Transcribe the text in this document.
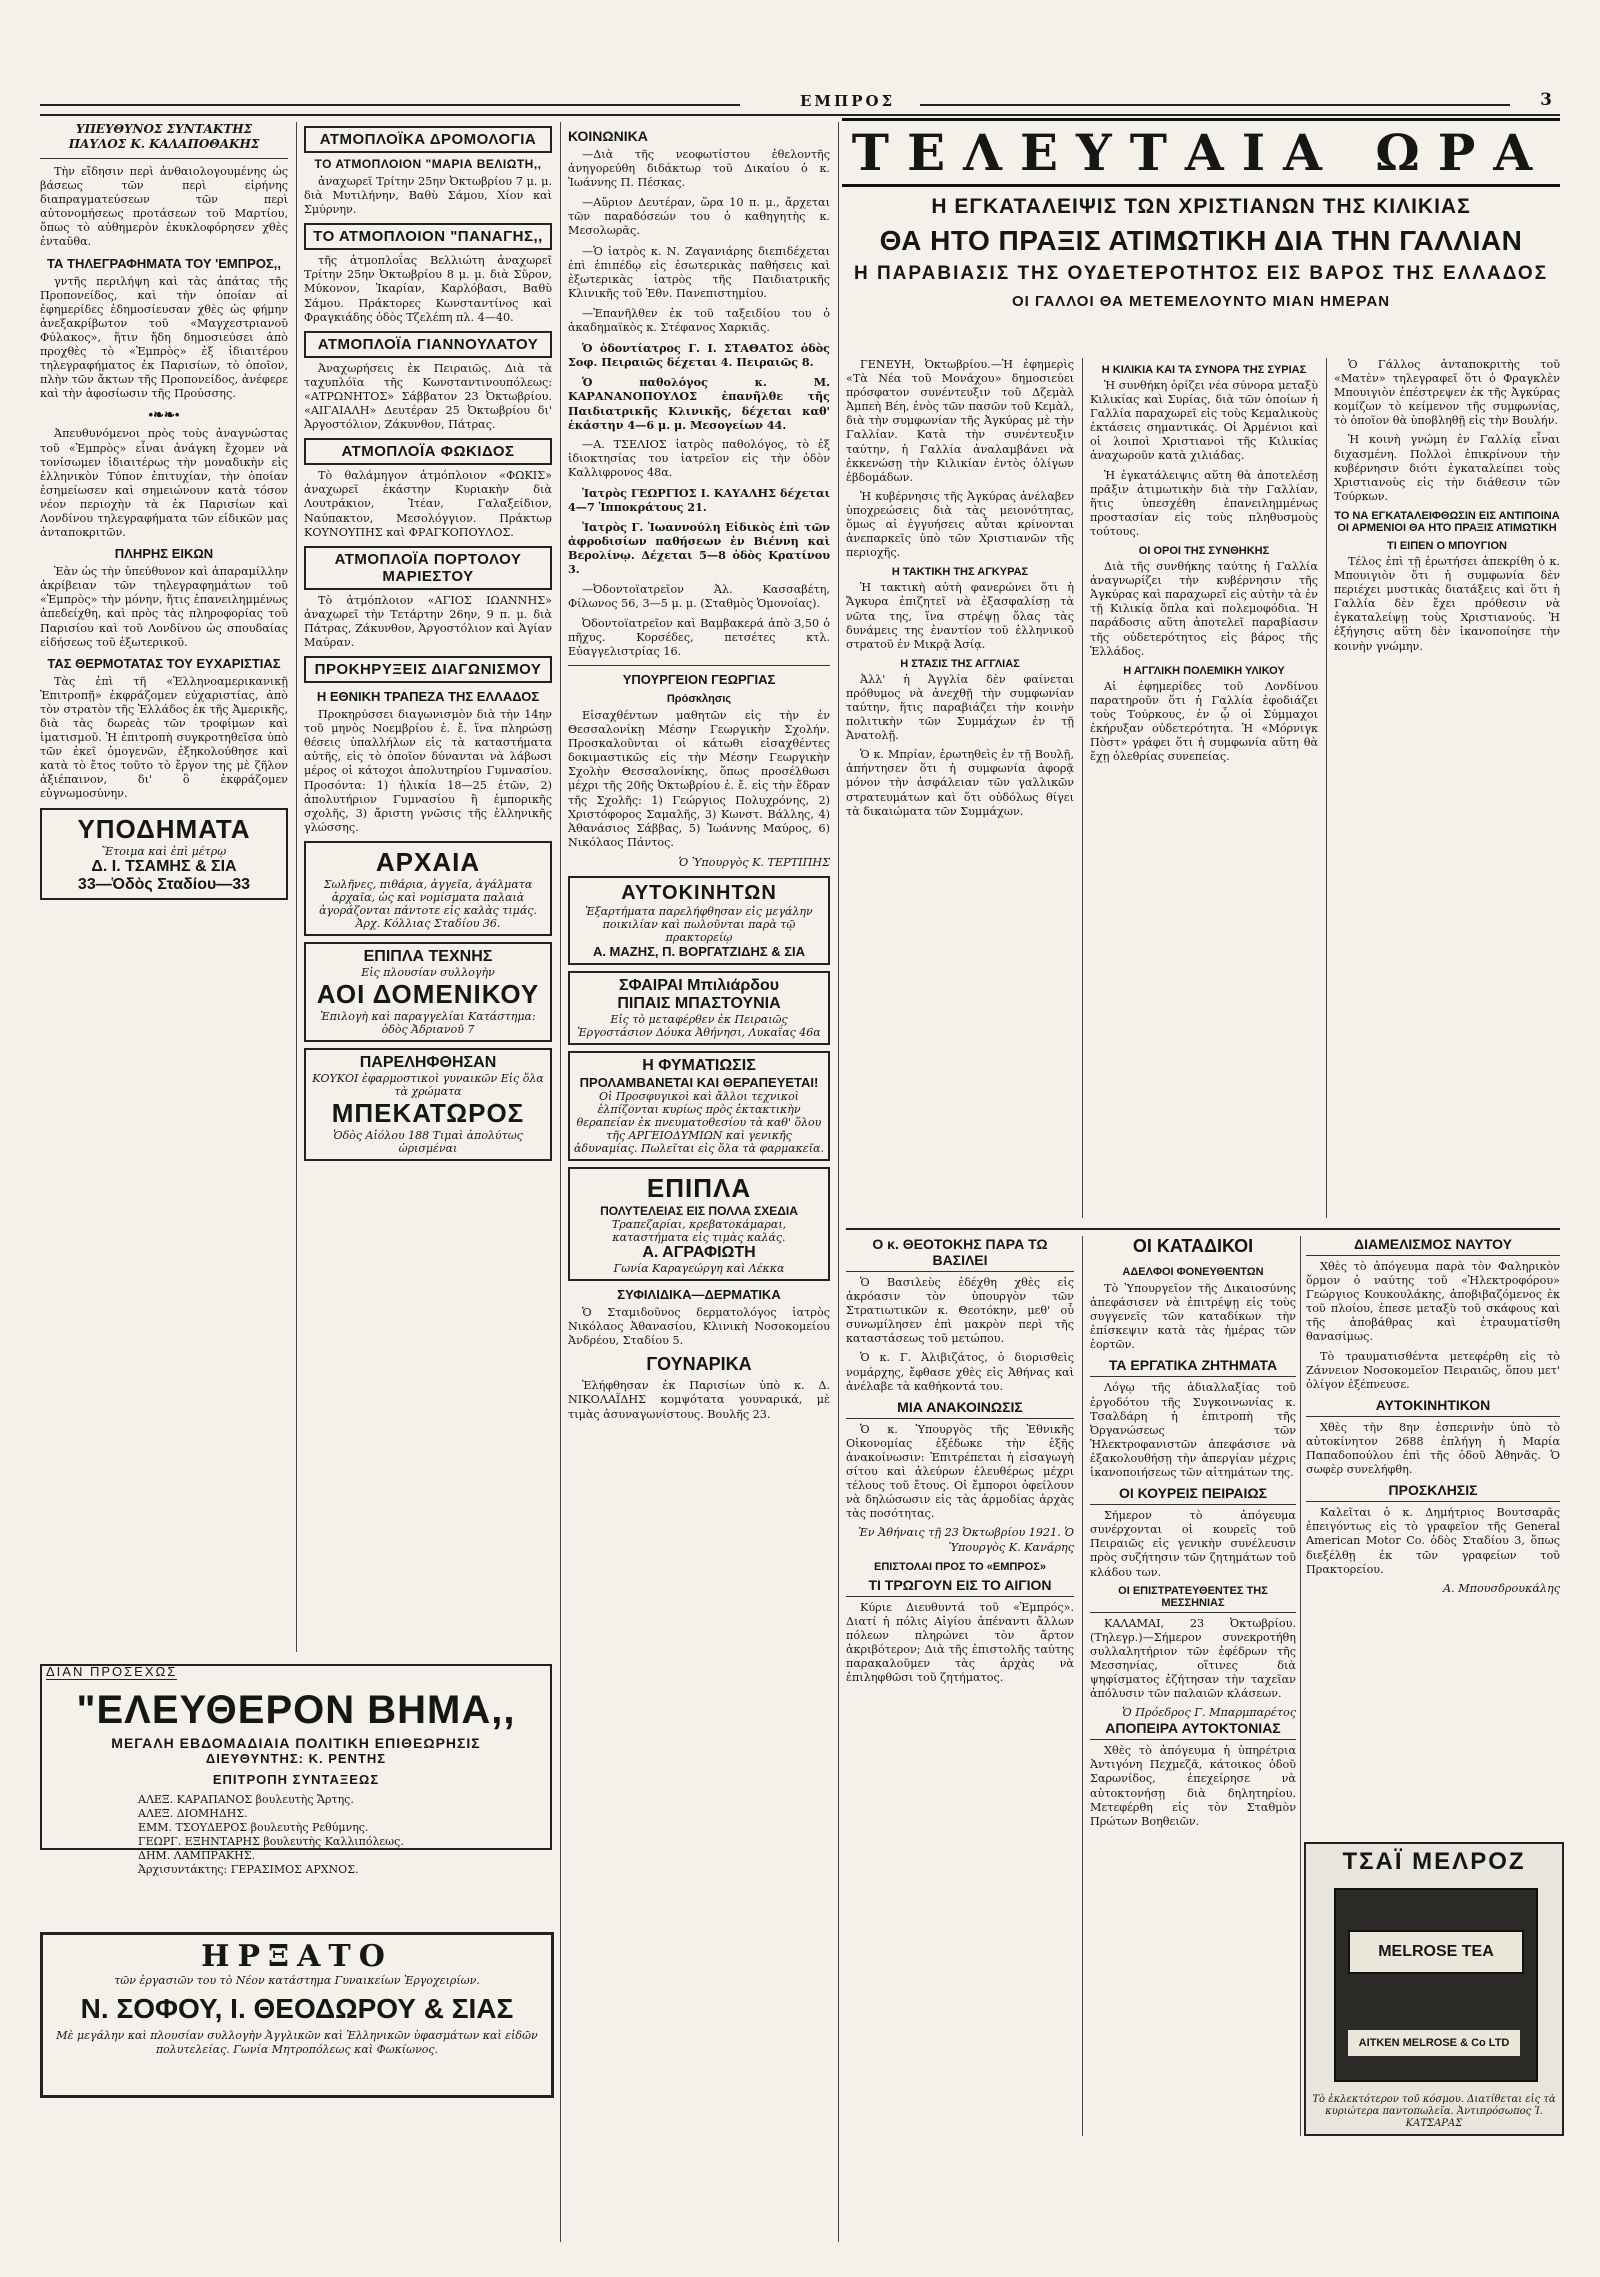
ΕΜΠΡΟΣ	3
ΥΠΕΥΘΥΝΟΣ ΣΥΝΤΑΚΤΗΣ
ΠΑΥΛΟΣ Κ. ΚΑΛΑΠΟΘΑΚΗΣ

Τὴν εἴδησιν περὶ ἀνθαιολογουμένης ὡς βάσεως τῶν περὶ εἰρήνης διαπραγματεύσεων τῶν περὶ αὐτονομήσεως προτάσεων τοῦ Μαρτίου, ὅπως τὸ αὐθημερὸν ἐκυκλοφόρησεν χθὲς ἐνταῦθα.

ΤΑ ΤΗΛΕΓΡΑΦΗΜΑΤΑ ΤΟΥ 'ΕΜΠΡΟΣ,,

γντῆς περιλήψη καὶ τὰς ἀπάτας τῆς Προπονείδος, καὶ τὴν ὁποίαν αἱ ἐφημερίδες ἐδημοσίευσαν χθὲς ὡς φήμην ἀνεξακρίβωτον τοῦ «Μαγχεστριανοῦ Φύλακος», ἥτιν ἤδη δημοσιεύσει ἀπὸ προχθὲς τὸ «Ἐμπρὸς» ἐξ ἰδιαιτέρου τηλεγραφήματος ἐκ Παρισίων, τὸ ὁποῖον, πλὴν τῶν ἄκτων τῆς Προπονείδος, ἀνέφερε καὶ τὴν ἀφοσίωσιν τῆς Προύσσης.

•❧❧•

Ἀπευθυνόμενοι πρὸς τοὺς ἀναγνώστας τοῦ «Ἐμπρὸς» εἶναι ἀνάγκη ἔχομεν νὰ τονίσωμεν ἰδιαιτέρως τὴν μοναδικὴν εἰς ἑλληνικὸν Τύπον ἐπιτυχίαν, τὴν ὁποίαν ἐσημείωσεν καὶ σημειώνουν κατὰ τόσον νέον περιοχὴν τὰ ἐκ Παρισίων καὶ Λονδίνου τηλεγραφήματα τῶν εἰδικῶν μας ἀνταποκριτῶν.

ΠΛΗΡΗΣ ΕΙΚΩΝ

Ἐὰν ὡς τὴν ὑπεύθυνον καὶ ἀπαραμίλλην ἀκρίβειαν τῶν τηλεγραφημάτων τοῦ «Ἐμπρὸς» τὴν μόνην, ἥτις ἐπανειλημμένως ἀπεδείχθη, καὶ πρὸς τὰς πληροφορίας τοῦ Παρισίου καὶ τοῦ Λονδίνου ὡς σπουδαίας εἰδήσεως τοῦ ἐξωτερικοῦ.

ΤΑΣ ΘΕΡΜΟΤΑΤΑΣ ΤΟΥ ΕΥΧΑΡΙΣΤΙΑΣ

Τὰς ἐπὶ τῆ «Ἑλληνοαμερικανικῇ Ἐπιτροπῇ» ἐκφράζομεν εὐχαριστίας, ἀπὸ τὸν στρατὸν τῆς Ἐλλάδος ἐκ τῆς Ἀμερικῆς, διὰ τὰς δωρεὰς τῶν τροφίμων καὶ ἱματισμοῦ. Ἡ ἐπιτροπὴ συγκροτηθεῖσα ὑπὸ τῶν ἐκεῖ ὁμογενῶν, ἐξηκολούθησε καὶ κατὰ τὸ ἔτος τοῦτο τὸ ἔργον της μὲ ζῆλον ἀξιέπαινον, δι' ὃ ἐκφράζομεν εὐγνωμοσύνην.

ΥΠΟΔΗΜΑΤΑ
Ἕτοιμα καὶ ἐπὶ μέτρῳ
Δ. Ι. ΤΣΑΜΗΣ & ΣΙΑ
33—Ὁδὸς Σταδίου—33
ΑΤΜΟΠΛΟΪΚΑ ΔΡΟΜΟΛΟΓΙΑ
ΤΟ ΑΤΜΟΠΛΟΙΟΝ "ΜΑΡΙΑ ΒΕΛΙΩΤΗ,,

ἀναχωρεῖ Τρίτην 25ην Ὀκτωβρίου 7 μ. μ. διὰ Μυτιλήνην, Βαθὺ Σάμου, Χίον καὶ Σμύρνην.

ΤΟ ΑΤΜΟΠΛΟΙΟΝ "ΠΑΝΑΓΗΣ,,

τῆς ἀτμοπλοΐας Βελλιώτη ἀναχωρεῖ Τρίτην 25ην Ὀκτωβρίου 8 μ. μ. διὰ Σῦρον, Μύκονον, Ἰκαρίαν, Καρλόβασι, Βαθὺ Σάμου. Πράκτορες Κωνσταντίνος καὶ Φραγκιάδης ὁδὸς Τζελέπη πλ. 4—40.

ΑΤΜΟΠΛΟΪΑ ΓΙΑΝΝΟΥΛΑΤΟΥ

Ἀναχωρήσεις ἐκ Πειραιῶς. Διὰ τὰ ταχυπλόϊα τῆς Κωνσταντινουπόλεως: «ΑΤΡΩΝΗΤΟΣ» Σάββατον 23 Ὀκτωβρίου. «ΑΙΓΑΙΑΛΗ» Δευτέραν 25 Ὀκτωβρίου δι' Ἀργοστόλιον, Ζάκυνθον, Πάτρας.

ΑΤΜΟΠΛΟΪΑ ΦΩΚΙΔΟΣ

Τὸ θαλάμηγον ἀτμόπλοιον «ΦΩΚΙΣ» ἀναχωρεῖ ἑκάστην Κυριακὴν διὰ Λουτράκιον, Ἰτέαν, Γαλαξείδιον, Ναύπακτον, Μεσολόγγιον. Πράκτωρ ΚΟΥΝΟΥΠΗΣ καὶ ΦΡΑΓΚΟΠΟΥΛΟΣ.

ΑΤΜΟΠΛΟΪΑ ΠΟΡΤΟΛΟΥ ΜΑΡΙΕΣΤΟΥ

Τὸ ἀτμόπλοιον «ΑΓΙΟΣ ΙΩΑΝΝΗΣ» ἀναχωρεῖ τὴν Τετάρτην 26ην, 9 π. μ. διὰ Πάτρας, Ζάκυνθον, Ἀργοστόλιον καὶ Ἀγίαν Μαύραν.

ΠΡΟΚΗΡΥΞΕΙΣ ΔΙΑΓΩΝΙΣΜΟΥ
Η ΕΘΝΙΚΗ ΤΡΑΠΕΖΑ ΤΗΣ ΕΛΛΑΔΟΣ

Προκηρύσσει διαγωνισμὸν διὰ τὴν 14ην τοῦ μηνὸς Νοεμβρίου ἐ. ἔ. ἵνα πληρώσῃ θέσεις ὑπαλλήλων εἰς τὰ καταστήματα αὐτῆς, εἰς τὸ ὁποῖον δύνανται νὰ λάβωσι μέρος οἱ κάτοχοι ἀπολυτηρίου Γυμνασίου. Προσόντα: 1) ἡλικία 18—25 ἐτῶν, 2) ἀπολυτήριον Γυμνασίου ἢ ἐμπορικῆς σχολῆς, 3) ἄριστη γνῶσις τῆς ἑλληνικῆς γλώσσης.

ΑΡΧΑΙΑ
Σωλῆνες, πιθάρια, ἀγγεῖα, ἀγάλματα ἀρχαῖα, ὡς καὶ νομίσματα παλαιὰ ἀγοράζονται πάντοτε εἰς καλὰς τιμάς. Ἀρχ. Κόλλιας Σταδίου 36.
ΕΠΙΠΛΑ ΤΕΧΝΗΣ
Εἰς πλουσίαν συλλογὴν
ΑΟΙ ΔΟΜΕΝΙΚΟΥ
Ἐπιλογὴ καὶ παραγγελίαι Κατάστημα: ὁδὸς Ἀδριανοῦ 7
ΠΑΡΕΛΗΦΘΗΣΑΝ
ΚΟΥΚΟΙ ἐφαρμοστικοὶ γυναικῶν Εἰς ὅλα τὰ χρώματα
ΜΠΕΚΑΤΩΡΟΣ
Ὁδὸς Αἰόλου 188 Τιμαὶ ἀπολύτως ὡρισμέναι
ΚΟΙΝΩΝΙΚΑ

—Διὰ τῆς νεοφωτίστου ἐθελοντῆς ἀνηγορεύθη διδάκτωρ τοῦ Δικαίου ὁ κ. Ἰωάννης Π. Πέσκας.

—Αὔριον Δευτέραν, ὥρα 10 π. μ., ἄρχεται τῶν παραδόσεών του ὁ καθηγητὴς κ. Μεσολωρᾶς.

—Ὁ ἰατρὸς κ. Ν. Ζαγανιάρης διεπιδέχεται ἐπὶ ἐπιπέδῳ εἰς ἐσωτερικὰς παθήσεις καὶ ἐξωτερικὰς ἰατρὸς τῆς Παιδιατρικῆς Κλινικῆς τοῦ Ἐθν. Πανεπιστημίου.

—Ἐπανῆλθεν ἐκ τοῦ ταξειδίου του ὁ ἀκαδημαϊκὸς κ. Στέφανος Χαρκιᾶς.

Ὁ ὀδοντίατρος Γ. Ι. ΣΤΑΘΑΤΟΣ ὁδὸς Σοφ. Πειραιῶς δέχεται 4. Πειραιῶς 8.

Ὁ παθολόγος κ. Μ. ΚΑΡΑΝΑΝΟΠΟΥΛΟΣ ἐπανῆλθε τῆς Παιδιατρικῆς Κλινικῆς, δέχεται καθ' ἑκάστην 4—6 μ. μ. Μεσογείων 44.

—Α. ΤΣΕΛΙΟΣ ἰατρὸς παθολόγος, τὸ ἐξ ἰδιοκτησίας του ἰατρεῖον εἰς τὴν ὁδὸν Καλλιφρονος 48α.

Ἰατρὸς ΓΕΩΡΓΙΟΣ Ι. ΚΑΥΑΛΗΣ δέχεται 4—7 Ἱπποκράτους 21.

Ἰατρὸς Γ. Ἰωαννούλη Εἰδικὸς ἐπὶ τῶν ἀφροδισίων παθήσεων ἐν Βιέννη καὶ Βερολίνῳ. Δέχεται 5—8 ὁδὸς Κρατίνου 3.

—Ὀδοντοϊατρεῖον Ἀλ. Κασσαβέτη, Φίλωνος 56, 3—5 μ. μ. (Σταθμὸς Ὁμονοίας).

Ὀδοντοϊατρεῖον καὶ Βαμβακερά ἀπὸ 3,50 ὁ πῆχυς. Κορσέδες, πετσέτες κτλ. Εὐαγγελιστρίας 16.

ΥΠΟΥΡΓΕΙΟΝ ΓΕΩΡΓΙΑΣ
Πρόσκλησις

Εἰσαχθέντων μαθητῶν εἰς τὴν ἐν Θεσσαλονίκῃ Μέσην Γεωργικὴν Σχολήν. Προσκαλοῦνται οἱ κάτωθι εἰσαχθέντες δοκιμαστικῶς εἰς τὴν Μέσην Γεωργικὴν Σχολὴν Θεσσαλονίκης, ὅπως προσέλθωσι μέχρι τῆς 20ῆς Ὀκτωβρίου ἐ. ἔ. εἰς τὴν ἕδραν τῆς Σχολῆς: 1) Γεώργιος Πολυχρόνης, 2) Χριστόφορος Σαμαλῆς, 3) Κωνστ. Βάλλης, 4) Ἀθανάσιος Σάββας, 5) Ἰωάννης Μαύρος, 6) Νικόλαος Πάντος.

Ὁ Ὑπουργὸς Κ. ΤΕΡΤΙΠΗΣ
ΑΥΤΟΚΙΝΗΤΩΝ
Ἐξαρτήματα παρελήφθησαν εἰς μεγάλην ποικιλίαν καὶ πωλοῦνται παρὰ τῷ πρακτορείῳ
Α. ΜΑΖΗΣ, Π. ΒΟΡΓΑΤΖΙΔΗΣ & ΣΙΑ
ΣΦΑΙΡΑΙ Μπιλιάρδου
ΠΙΠΑΙΣ ΜΠΑΣΤΟΥΝΙΑ
Εἰς τὸ μεταφέρθεν ἐκ Πειραιῶς Ἐργοστάσιον Δόυκα Ἀθήνησι, Λυκαΐας 46α
Η ΦΥΜΑΤΙΩΣΙΣ
ΠΡΟΛΑΜΒΑΝΕΤΑΙ ΚΑΙ ΘΕΡΑΠΕΥΕΤΑΙ!
Οἱ Προσφυγικοὶ καὶ ἄλλοι τεχνικοὶ ἐλπίζονται κυρίως πρὸς ἐκτακτικὴν θεραπείαν ἐκ πνευματοθεσίου τὰ καθ' ὅλου τῆς ΑΡΓΕΙΟΔΥΜΙΩΝ καὶ γενικῆς ἀδυναμίας. Πωλεῖται εἰς ὅλα τὰ φαρμακεῖα.
ΕΠΙΠΛΑ
ΠΟΛΥΤΕΛΕΙΑΣ ΕΙΣ ΠΟΛΛΑ ΣΧΕΔΙΑ
Τραπεζαρίαι, κρεβατοκάμαραι, καταστήματα εἰς τιμὰς καλάς.
Α. ΑΓΡΑΦΙΩΤΗ
Γωνία Καραγεώργη καὶ Λέκκα
ΣΥΦΙΛΙΔΙΚΑ—ΔΕΡΜΑΤΙΚΑ

Ὁ Σταμιδοῦνος δερματολόγος ἰατρὸς Νικόλαος Ἀθανασίου, Κλινικὴ Νοσοκομείου Ἀνδρέου, Σταδίου 5.

ΓΟΥΝΑΡΙΚΑ

Ἐλήφθησαν ἐκ Παρισίων ὑπὸ κ. Δ. ΝΙΚΟΛΑΪΔΗΣ κομψότατα γουναρικά, μὲ τιμὰς ἀσυναγωνίστους. Βουλῆς 23.

ΤΕΛΕΥΤΑΙΑ ΩΡΑ
Η ΕΓΚΑΤΑΛΕΙΨΙΣ ΤΩΝ ΧΡΙΣΤΙΑΝΩΝ ΤΗΣ ΚΙΛΙΚΙΑΣ
ΘΑ ΗΤΟ ΠΡΑΞΙΣ ΑΤΙΜΩΤΙΚΗ ΔΙΑ ΤΗΝ ΓΑΛΛΙΑΝ
Η ΠΑΡΑΒΙΑΣΙΣ ΤΗΣ ΟΥΔΕΤΕΡΟΤΗΤΟΣ ΕΙΣ ΒΑΡΟΣ ΤΗΣ ΕΛΛΑΔΟΣ
ΟΙ ΓΑΛΛΟΙ ΘΑ ΜΕΤΕΜΕΛΟΥΝΤΟ ΜΙΑΝ ΗΜΕΡΑΝ

ΓΕΝΕΥΗ, Ὀκτωβρίου.—Ἡ ἐφημερὶς «Τὰ Νέα τοῦ Μονάχου» δημοσιεύει πρόσφατον συνέντευξιν τοῦ Δζεμὰλ Ἀμπεὴ Βέη, ἑνὸς τῶν πασῶν τοῦ Κεμὰλ, διὰ τὴν συμφωνίαν τῆς Ἀγκύρας μὲ τὴν Γαλλίαν. Κατὰ τὴν συνέντευξιν ταύτην, ἡ Γαλλία ἀναλαμβάνει νὰ ἐκκενώσῃ τὴν Κιλικίαν ἐντὸς ὀλίγων ἑβδομάδων.

Ἡ κυβέρνησις τῆς Ἀγκύρας ἀνέλαβεν ὑποχρεώσεις διὰ τὰς μειονότητας, ὅμως αἱ ἐγγυήσεις αὗται κρίνονται ἀνεπαρκεῖς ὑπὸ τῶν Χριστιανῶν τῆς περιοχῆς.

Η ΤΑΚΤΙΚΗ ΤΗΣ ΑΓΚΥΡΑΣ

Ἡ τακτικὴ αὐτὴ φανερώνει ὅτι ἡ Ἄγκυρα ἐπιζητεῖ νὰ ἐξασφαλίσῃ τὰ νῶτα της, ἵνα στρέψῃ ὅλας τὰς δυνάμεις της ἐναντίον τοῦ ἑλληνικοῦ στρατοῦ ἐν Μικρᾷ Ἀσίᾳ.

Η ΣΤΑΣΙΣ ΤΗΣ ΑΓΓΛΙΑΣ

Ἀλλ' ἡ Ἀγγλία δὲν φαίνεται πρόθυμος νὰ ἀνεχθῇ τὴν συμφωνίαν ταύτην, ἥτις παραβιάζει τὴν κοινὴν πολιτικὴν τῶν Συμμάχων ἐν τῇ Ἀνατολῇ.

Ὁ κ. Μπρίαν, ἐρωτηθεὶς ἐν τῇ Βουλῇ, ἀπήντησεν ὅτι ἡ συμφωνία ἀφορᾷ μόνον τὴν ἀσφάλειαν τῶν γαλλικῶν στρατευμάτων καὶ ὅτι οὐδόλως θίγει τὰ δικαιώματα τῶν Συμμάχων.

Η ΚΙΛΙΚΙΑ ΚΑΙ ΤΑ ΣΥΝΟΡΑ ΤΗΣ ΣΥΡΙΑΣ

Ἡ συνθήκη ὁρίζει νέα σύνορα μεταξὺ Κιλικίας καὶ Συρίας, διὰ τῶν ὁποίων ἡ Γαλλία παραχωρεῖ εἰς τοὺς Κεμαλικοὺς ἐκτάσεις σημαντικάς. Οἱ Ἀρμένιοι καὶ οἱ λοιποὶ Χριστιανοὶ τῆς Κιλικίας ἀναχωροῦν κατὰ χιλιάδας.

Ἡ ἐγκατάλειψις αὕτη θὰ ἀποτελέσῃ πρᾶξιν ἀτιμωτικὴν διὰ τὴν Γαλλίαν, ἥτις ὑπεσχέθη ἐπανειλημμένως προστασίαν εἰς τοὺς πληθυσμοὺς τούτους.

ΟΙ ΟΡΟΙ ΤΗΣ ΣΥΝΘΗΚΗΣ

Διὰ τῆς συνθήκης ταύτης ἡ Γαλλία ἀναγνωρίζει τὴν κυβέρνησιν τῆς Ἀγκύρας καὶ παραχωρεῖ εἰς αὐτὴν τὰ ἐν τῇ Κιλικίᾳ ὅπλα καὶ πολεμοφόδια. Ἡ παράδοσις αὕτη ἀποτελεῖ παραβίασιν τῆς οὐδετερότητος εἰς βάρος τῆς Ἑλλάδος.

Η ΑΓΓΛΙΚΗ ΠΟΛΕΜΙΚΗ ΥΛΙΚΟΥ

Αἱ ἐφημερίδες τοῦ Λονδίνου παρατηροῦν ὅτι ἡ Γαλλία ἐφοδιάζει τοὺς Τούρκους, ἐν ᾧ οἱ Σύμμαχοι ἐκήρυξαν οὐδετερότητα. Ἡ «Μόρνιγκ Πὸστ» γράφει ὅτι ἡ συμφωνία αὕτη θὰ ἔχῃ ὀλεθρίας συνεπείας.

Ὁ Γάλλος ἀνταποκριτὴς τοῦ «Ματὲν» τηλεγραφεῖ ὅτι ὁ Φραγκλὲν Μπουιγιὸν ἐπέστρεψεν ἐκ τῆς Ἀγκύρας κομίζων τὸ κείμενον τῆς συμφωνίας, τὸ ὁποῖον θὰ ὑποβληθῇ εἰς τὴν Βουλήν.

Ἡ κοινὴ γνώμη ἐν Γαλλίᾳ εἶναι διχασμένη. Πολλοὶ ἐπικρίνουν τὴν κυβέρνησιν διότι ἐγκαταλείπει τοὺς Χριστιανοὺς εἰς τὴν διάθεσιν τῶν Τούρκων.

ΤΟ ΝΑ ΕΓΚΑΤΑΛΕΙΦΘΩΣΙΝ ΕΙΣ ΑΝΤΙΠΟΙΝΑ ΟΙ ΑΡΜΕΝΙΟΙ ΘΑ ΗΤΟ ΠΡΑΞΙΣ ΑΤΙΜΩΤΙΚΗ
ΤΙ ΕΙΠΕΝ Ο ΜΠΟΥΓΙΟΝ

Τέλος ἐπὶ τῇ ἐρωτήσει ἀπεκρίθη ὁ κ. Μπουιγιὸν ὅτι ἡ συμφωνία δὲν περιέχει μυστικὰς διατάξεις καὶ ὅτι ἡ Γαλλία δὲν ἔχει πρόθεσιν νὰ ἐγκαταλείψῃ τοὺς Χριστιανούς. Ἡ ἐξήγησις αὕτη δὲν ἱκανοποίησε τὴν κοινὴν γνώμην.

Ο κ. ΘΕΟΤΟΚΗΣ ΠΑΡΑ ΤΩ ΒΑΣΙΛΕΙ

Ὁ Βασιλεὺς ἐδέχθη χθὲς εἰς ἀκρόασιν τὸν ὑπουργὸν τῶν Στρατιωτικῶν κ. Θεοτόκην, μεθ' οὗ συνωμίλησεν ἐπὶ μακρὸν περὶ τῆς καταστάσεως τοῦ μετώπου.

Ὁ κ. Γ. Ἀλιβιζάτος, ὁ διορισθεὶς νομάρχης, ἔφθασε χθὲς εἰς Ἀθήνας καὶ ἀνέλαβε τὰ καθήκοντά του.

ΜΙΑ ΑΝΑΚΟΙΝΩΣΙΣ

Ὁ κ. Ὑπουργὸς τῆς Ἐθνικῆς Οἰκονομίας ἐξέδωκε τὴν ἑξῆς ἀνακοίνωσιν: Ἐπιτρέπεται ἡ εἰσαγωγὴ σίτου καὶ ἀλεύρων ἐλευθέρως μέχρι τέλους τοῦ ἔτους. Οἱ ἔμποροι ὀφείλουν νὰ δηλώσωσιν εἰς τὰς ἁρμοδίας ἀρχὰς τὰς ποσότητας.

Ἐν Ἀθήναις τῇ 23 Ὀκτωβρίου 1921. Ὁ Ὑπουργὸς Κ. Κανάρης
ΕΠΙΣΤΟΛΑΙ ΠΡΟΣ ΤΟ «ΕΜΠΡΟΣ»
ΤΙ ΤΡΩΓΟΥΝ ΕΙΣ ΤΟ ΑΙΓΙΟΝ

Κύριε Διευθυντά τοῦ «Ἐμπρός». Διατί ἡ πόλις Αἰγίου ἀπέναντι ἄλλων πόλεων πληρώνει τὸν ἄρτον ἀκριβότερον; Διὰ τῆς ἐπιστολῆς ταύτης παρακαλοῦμεν τὰς ἀρχὰς νὰ ἐπιληφθῶσι τοῦ ζητήματος.

ΟΙ ΚΑΤΑΔΙΚΟΙ
ΑΔΕΛΦΟΙ ΦΟΝΕΥΘΕΝΤΩΝ

Τὸ Ὑπουργεῖον τῆς Δικαιοσύνης ἀπεφάσισεν νὰ ἐπιτρέψῃ εἰς τοὺς συγγενεῖς τῶν καταδίκων τὴν ἐπίσκεψιν κατὰ τὰς ἡμέρας τῶν ἑορτῶν.

ΤΑ ΕΡΓΑΤΙΚΑ ΖΗΤΗΜΑΤΑ

Λόγῳ τῆς ἀδιαλλαξίας τοῦ ἐργοδότου τῆς Συγκοινωνίας κ. Τσαλδάρη ἡ ἐπιτροπὴ τῆς Ὀργανώσεως τῶν Ἠλεκτροφανιστῶν ἀπεφάσισε νὰ ἐξακολουθήσῃ τὴν ἀπεργίαν μέχρις ἱκανοποιήσεως τῶν αἰτημάτων της.

ΟΙ ΚΟΥΡΕΙΣ ΠΕΙΡΑΙΩΣ

Σήμερον τὸ ἀπόγευμα συνέρχονται οἱ κουρεῖς τοῦ Πειραιῶς εἰς γενικὴν συνέλευσιν πρὸς συζήτησιν τῶν ζητημάτων τοῦ κλάδου των.

ΟΙ ΕΠΙΣΤΡΑΤΕΥΘΕΝΤΕΣ ΤΗΣ ΜΕΣΣΗΝΙΑΣ

ΚΑΛΑΜΑΙ, 23 Ὀκτωβρίου. (Τηλεγρ.)—Σήμερον συνεκροτήθη συλλαλητήριον τῶν ἐφέδρων τῆς Μεσσηνίας, οἵτινες διὰ ψηφίσματος ἐζήτησαν τὴν ταχεῖαν ἀπόλυσιν τῶν παλαιῶν κλάσεων.

Ὁ Πρόεδρος Γ. Μπαρμπαρέτος
ΑΠΟΠΕΙΡΑ ΑΥΤΟΚΤΟΝΙΑΣ

Χθὲς τὸ ἀπόγευμα ἡ ὑπηρέτρια Ἀντιγόνη Πεχμεζᾶ, κάτοικος ὁδοῦ Σαρωνίδος, ἐπεχείρησε νὰ αὐτοκτονήσῃ διὰ δηλητηρίου. Μετεφέρθη εἰς τὸν Σταθμὸν Πρώτων Βοηθειῶν.

ΔΙΑΜΕΛΙΣΜΟΣ ΝΑΥΤΟΥ

Χθὲς τὸ ἀπόγευμα παρὰ τὸν Φαληρικὸν ὅρμον ὁ ναύτης τοῦ «Ἠλεκτροφόρου» Γεώργιος Κουκουλάκης, ἀποβιβαζόμενος ἐκ τοῦ πλοίου, ἐπεσε μεταξὺ τοῦ σκάφους καὶ τῆς ἀποβάθρας καὶ ἐτραυματίσθη θανασίμως.

Τὸ τραυματισθέντα μετεφέρθη εἰς τὸ Ζάννειον Νοσοκομεῖον Πειραιῶς, ὅπου μετ' ὀλίγον ἐξέπνευσε.

ΑΥΤΟΚΙΝΗΤΙΚΟΝ

Χθὲς τὴν 8ην ἑσπερινὴν ὑπὸ τὸ αὐτοκίνητον 2688 ἐπλήγη ἡ Μαρία Παπαδοπούλου ἐπὶ τῆς ὁδοῦ Ἀθηνᾶς. Ὁ σωφὲρ συνελήφθη.

ΠΡΟΣΚΛΗΣΙΣ

Καλεῖται ὁ κ. Δημήτριος Βουτσαρᾶς ἐπειγόντως εἰς τὸ γραφεῖον τῆς General American Motor Co. ὁδὸς Σταδίου 3, ὅπως διεξέλθῃ ἐκ τῶν γραφείων τοῦ Πρακτορείου.

Α. Μπουσδρουκάλης
ΔΙΑΝ ΠΡΟΣΕΧΩΣ
"ΕΛΕΥΘΕΡΟΝ ΒΗΜΑ,,
ΜΕΓΑΛΗ ΕΒΔΟΜΑΔΙΑΙΑ ΠΟΛΙΤΙΚΗ ΕΠΙΘΕΩΡΗΣΙΣ
ΔΙΕΥΘΥΝΤΗΣ: Κ. ΡΕΝΤΗΣ
ΕΠΙΤΡΟΠΗ ΣΥΝΤΑΞΕΩΣ
ΑΛΕΞ. ΚΑΡΑΠΑΝΟΣ βουλευτὴς Ἄρτης.
ΑΛΕΞ. ΔΙΟΜΗΔΗΣ.
ΕΜΜ. ΤΣΟΥΔΕΡΟΣ βουλευτὴς Ρεθύμνης.
ΓΕΩΡΓ. ΕΞΗΝΤΑΡΗΣ βουλευτὴς Καλλιπόλεως.
ΔΗΜ. ΛΑΜΠΡΑΚΗΣ.
Ἀρχισυντάκτης: ΓΕΡΑΣΙΜΟΣ ΑΡΧΝΟΣ.
ΗΡΞΑΤΟ
τῶν ἐργασιῶν του τὸ Νέον κατάστημα Γυναικείων Ἐργοχειρίων.
Ν. ΣΟΦΟΥ, Ι. ΘΕΟΔΩΡΟΥ & ΣΙΑΣ
Μὲ μεγάλην καὶ πλουσίαν συλλογὴν Ἀγγλικῶν καὶ Ἑλληνικῶν ὑφασμάτων καὶ εἰδῶν πολυτελείας. Γωνία Μητροπόλεως καὶ Φωκίωνος.
ΤΣΑΪ ΜΕΛΡΟΖ
MELROSE TEA
AITKEN MELROSE & Co LTD
Τὸ ἐκλεκτότερον τοῦ κόσμου. Διατίθεται εἰς τὰ κυριώτερα παντοπωλεῖα. Ἀντιπρόσωπος Ἰ. ΚΑΤΣΑΡΑΣ
